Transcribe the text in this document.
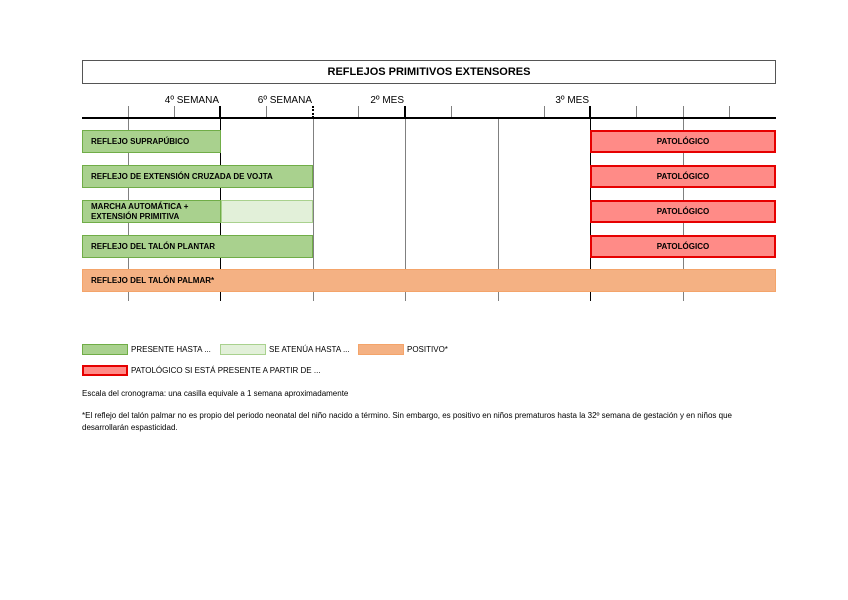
REFLEJOS PRIMITIVOS EXTENSORES
4º SEMANA	6º SEMANA	2º MES	3º MES
REFLEJO SUPRAPÚBICO	PATOLÓGICO
REFLEJO DE EXTENSIÓN CRUZADA DE VOJTA	PATOLÓGICO
MARCHA AUTOMÁTICA +
EXTENSIÓN PRIMITIVA
PATOLÓGICO
REFLEJO DEL TALÓN PLANTAR	PATOLÓGICO
REFLEJO DEL TALÓN PALMAR*
PRESENTE HASTA ...	SE ATENÚA HASTA ...	POSITIVO*
PATOLÓGICO SI ESTÁ PRESENTE A PARTIR DE ...
Escala del cronograma: una casilla equivale a 1 semana aproximadamente
*El reflejo del talón palmar no es propio del periodo neonatal del niño nacido a término. Sin embargo, es positivo en niños prematuros hasta la 32º semana de gestación y en niños que desarrollarán espasticidad.
